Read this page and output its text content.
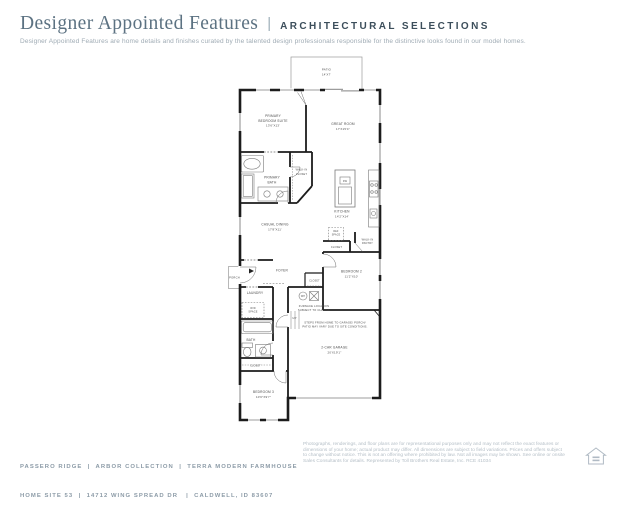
Designer Appointed Features | ARCHITECTURAL SELECTIONS
Designer Appointed Features are home details and finishes curated by the talented design professionals responsible for the distinctive looks found in our model homes.
PATIO
14'X7'
PRIMARY
BEDROOM SUITE
13'6"X13'	GREAT ROOM
17'X15'4"
PRIMARY
BATH
WALK-IN
CLOSET
DW
KITCHEN
14'2"X14'
CASUAL DINING
17'8"X11'
REF
SPACE
CLOSET
WALK-IN
PANTRY
FOYER
PORCH
CLOSET
BEDROOM 2
11'2"X10'
LAUNDRY
W/D
SPACE
WH
FURNACE LOCATION
SUBJECT TO CHANGE
UP
STEPS FROM HOME TO GARAGE/ PORCH/
PATIO MAY VARY DUE TO SITE CONDITIONS.
BATH
CLOSET
BEDROOM 3
10'6"X9'7"
2-CAR GARAGE
20'X19'1"

PASSERO RIDGE  |  ARBOR COLLECTION  |  TERRA MODERN FARMHOUSE

HOME SITE 53  |  14712 WING SPREAD DR   |  CALDWELL, ID 83607

Photographs, renderings, and floor plans are for representational purposes only and may not reflect the exact features or dimensions of your home; actual product may differ. All dimensions are subject to field variations. Prices and offers subject to change without notice. This is not an offering where prohibited by law. Not all images may be shown. See online or onsite Sales Consultants for details. Represented by Toll Brothers Real Estate, Inc. RCE 41034
